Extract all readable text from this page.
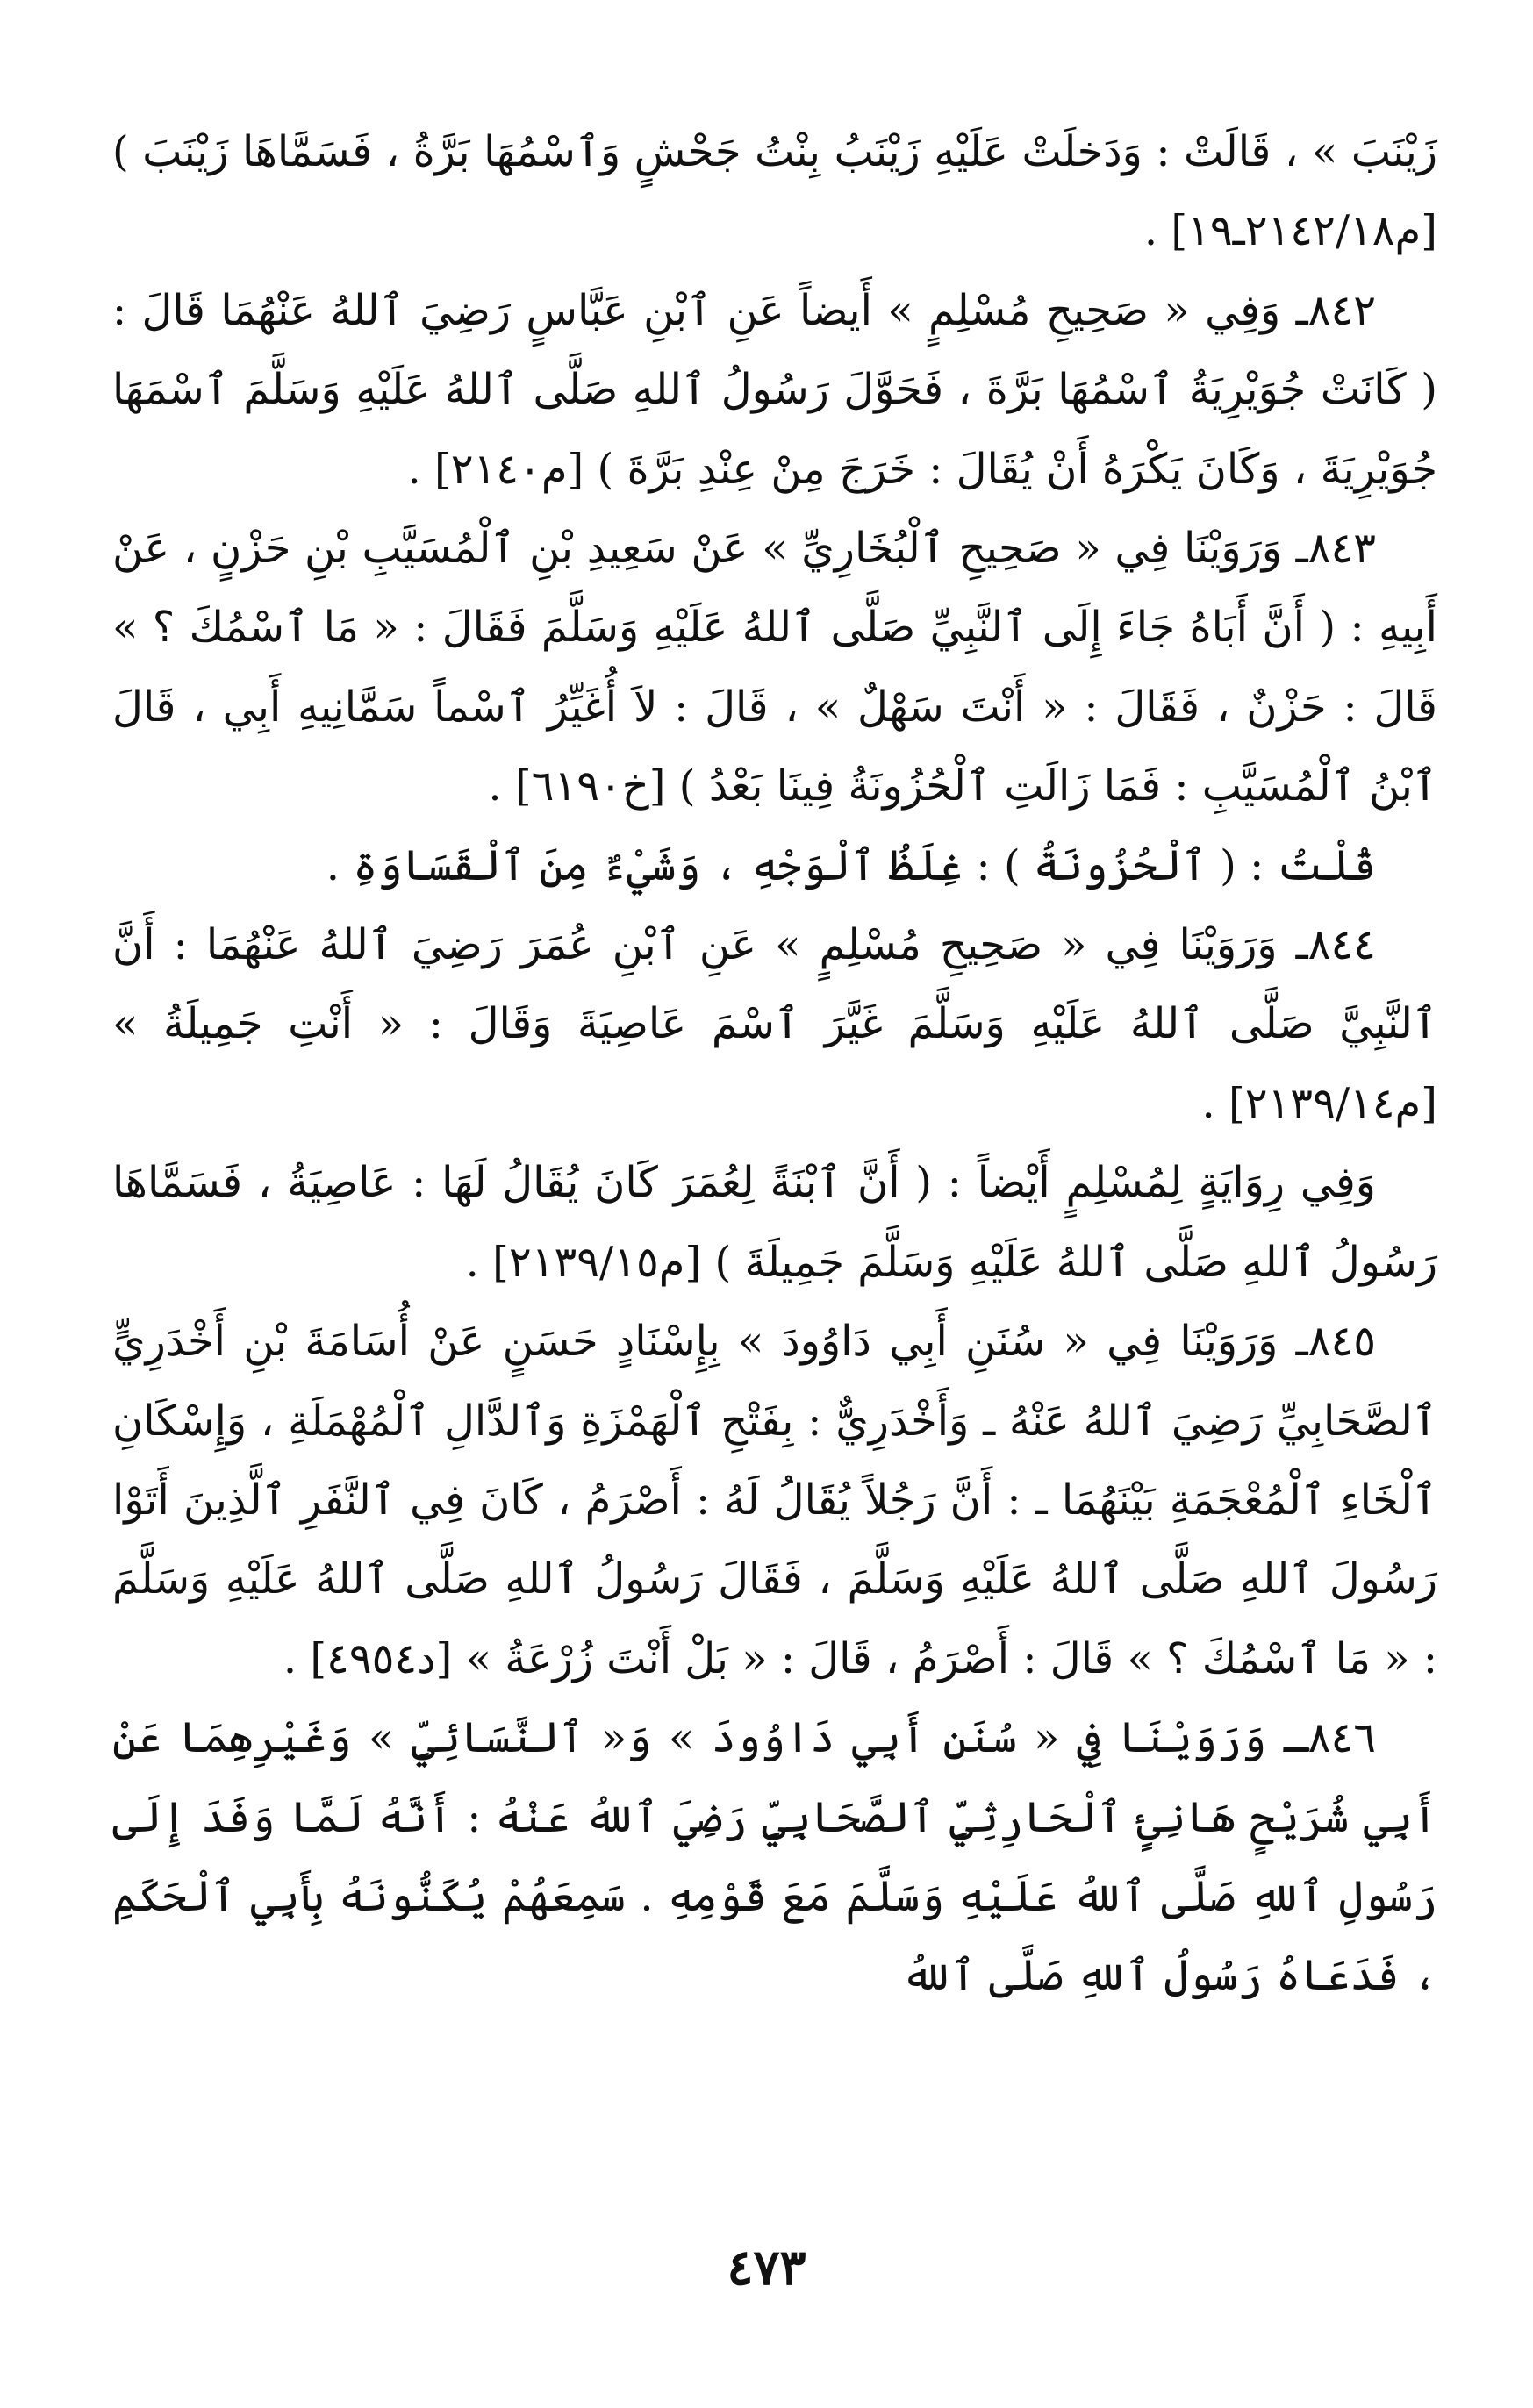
زَيْنَبَ » ، قَالَتْ : وَدَخلَتْ عَلَيْهِ زَيْنَبُ بِنْتُ جَحْشٍ وَٱسْمُهَا بَرَّةُ ، فَسَمَّاهَا زَيْنَبَ ) [م٢١٤٢/١٨ـ١٩] .

٨٤٢ـ وَفِي « صَحِيحِ مُسْلِمٍ » أَيضاً عَنِ ٱبْنِ عَبَّاسٍ رَضِيَ ٱللهُ عَنْهُمَا قَالَ : ( كَانَتْ جُوَيْرِيَةُ ٱسْمُهَا بَرَّةَ ، فَحَوَّلَ رَسُولُ ٱللهِ صَلَّى ٱللهُ عَلَيْهِ وَسَلَّمَ ٱسْمَهَا جُوَيْرِيَةَ ، وَكَانَ يَكْرَهُ أَنْ يُقَالَ : خَرَجَ مِنْ عِنْدِ بَرَّةَ ) [م٢١٤٠] .

٨٤٣ـ وَرَوَيْنَا فِي « صَحِيحِ ٱلْبُخَارِيِّ » عَنْ سَعِيدِ بْنِ ٱلْمُسَيَّبِ بْنِ حَزْنٍ ، عَنْ أَبِيهِ : ( أَنَّ أَبَاهُ جَاءَ إِلَى ٱلنَّبِيِّ صَلَّى ٱللهُ عَلَيْهِ وَسَلَّمَ فَقَالَ : « مَا ٱسْمُكَ ؟ » قَالَ : حَزْنٌ ، فَقَالَ : « أَنْتَ سَهْلٌ » ، قَالَ : لاَ أُغَيِّرُ ٱسْماً سَمَّانِيهِ أَبِي ، قَالَ ٱبْنُ ٱلْمُسَيَّبِ : فَمَا زَالَتِ ٱلْحُزُونَةُ فِينَا بَعْدُ ) [خ٦١٩٠] .

قُلْتُ : ( ٱلْحُزُونَةُ ) : غِلَظُ ٱلْوَجْهِ ، وَشَيْءٌ مِنَ ٱلْقَسَاوَةِ .

٨٤٤ـ وَرَوَيْنَا فِي « صَحِيحِ مُسْلِمٍ » عَنِ ٱبْنِ عُمَرَ رَضِيَ ٱللهُ عَنْهُمَا : أَنَّ ٱلنَّبِيَّ صَلَّى ٱللهُ عَلَيْهِ وَسَلَّمَ غَيَّرَ ٱسْمَ عَاصِيَةَ وَقَالَ : « أَنْتِ جَمِيلَةُ » [م٢١٣٩/١٤] .

وَفِي رِوَايَةٍ لِمُسْلِمٍ أَيْضاً : ( أَنَّ ٱبْنَةً لِعُمَرَ كَانَ يُقَالُ لَهَا : عَاصِيَةُ ، فَسَمَّاهَا رَسُولُ ٱللهِ صَلَّى ٱللهُ عَلَيْهِ وَسَلَّمَ جَمِيلَةَ ) [م٢١٣٩/١٥] .

٨٤٥ـ وَرَوَيْنَا فِي « سُنَنِ أَبِي دَاوُودَ » بِإِسْنَادٍ حَسَنٍ عَنْ أُسَامَةَ بْنِ أَخْدَرِيٍّ ٱلصَّحَابِيِّ رَضِيَ ٱللهُ عَنْهُ ـ وَأَخْدَرِيٌّ : بِفَتْحِ ٱلْهَمْزَةِ وَٱلدَّالِ ٱلْمُهْمَلَةِ ، وَإِسْكَانِ ٱلْخَاءِ ٱلْمُعْجَمَةِ بَيْنَهُمَا ـ : أَنَّ رَجُلاً يُقَالُ لَهُ : أَصْرَمُ ، كَانَ فِي ٱلنَّفَرِ ٱلَّذِينَ أَتَوْا رَسُولَ ٱللهِ صَلَّى ٱللهُ عَلَيْهِ وَسَلَّمَ ، فَقَالَ رَسُولُ ٱللهِ صَلَّى ٱللهُ عَلَيْهِ وَسَلَّمَ : « مَا ٱسْمُكَ ؟ » قَالَ : أَصْرَمُ ، قَالَ : « بَلْ أَنْتَ زُرْعَةُ » [د٤٩٥٤] .

٨٤٦ـ وَرَوَيْنَا فِي « سُنَنِ أَبِي دَاوُودَ » وَ« ٱلنَّسَائِيِّ » وَغَيْرِهِمَا عَنْ أَبِي شُرَيْحٍ هَانِئٍ ٱلْحَارِثِيِّ ٱلصَّحَابِيِّ رَضِيَ ٱللهُ عَنْهُ : أَنَّهُ لَمَّا وَفَدَ إِلَى رَسُولِ ٱللهِ صَلَّى ٱللهُ عَلَيْهِ وَسَلَّمَ مَعَ قَوْمِهِ . سَمِعَهُمْ يُكَنُّونَهُ بِأَبِي ٱلْحَكَمِ ، فَدَعَاهُ رَسُولُ ٱللهِ صَلَّى ٱللهُ

٤٧٣
